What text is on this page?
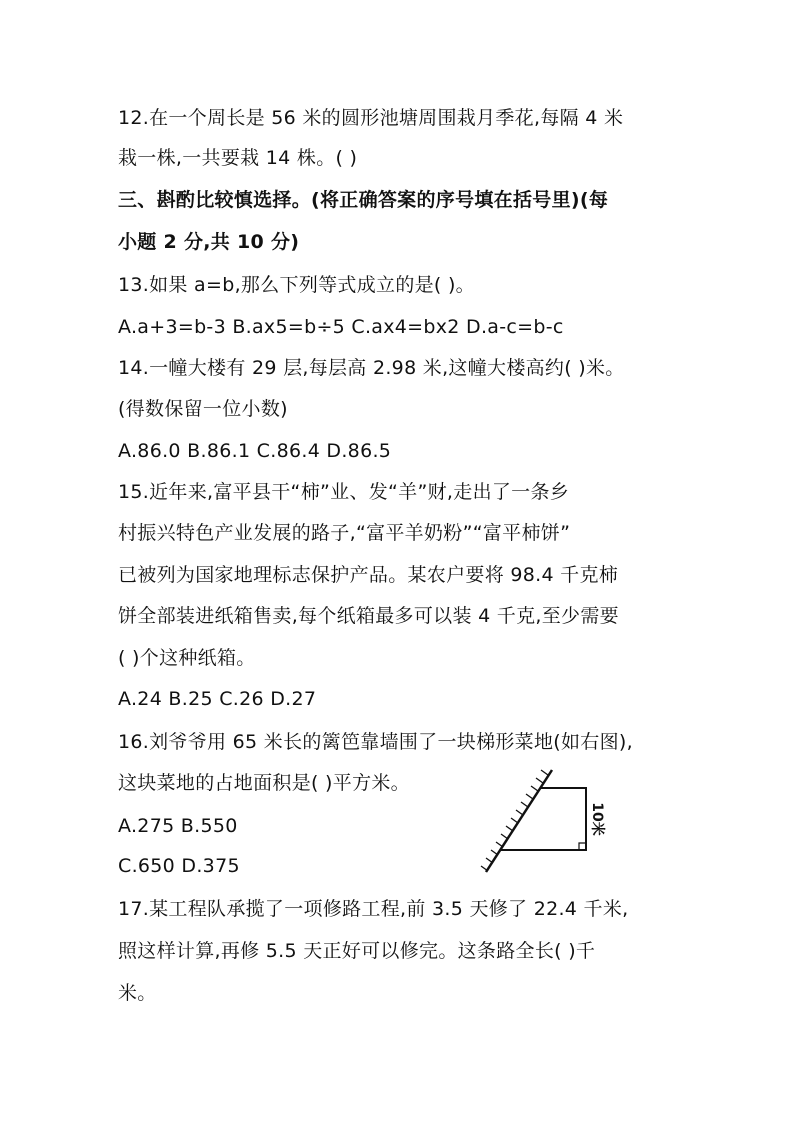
12.在一个周长是 56 米的圆形池塘周围栽月季花,每隔 4 米
栽一株,一共要栽 14 株。( )
三、斟酌比较慎选择。(将正确答案的序号填在括号里)(每
小题 2 分,共 10 分)
13.如果 a=b,那么下列等式成立的是( )。
A.a+3=b-3 B.ax5=b÷5 C.ax4=bx2 D.a-c=b-c
14.一幢大楼有 29 层,每层高 2.98 米,这幢大楼高约( )米。
(得数保留一位小数)
A.86.0 B.86.1 C.86.4 D.86.5
15.近年来,富平县干“柿”业、发“羊”财,走出了一条乡
村振兴特色产业发展的路子,“富平羊奶粉”“富平柿饼”
已被列为国家地理标志保护产品。某农户要将 98.4 千克柿
饼全部装进纸箱售卖,每个纸箱最多可以装 4 千克,至少需要
( )个这种纸箱。
A.24 B.25 C.26 D.27
16.刘爷爷用 65 米长的篱笆靠墙围了一块梯形菜地(如右图),
这块菜地的占地面积是( )平方米。
A.275 B.550
C.650 D.375
10米
17.某工程队承揽了一项修路工程,前 3.5 天修了 22.4 千米,
照这样计算,再修 5.5 天正好可以修完。这条路全长( )千
米。
